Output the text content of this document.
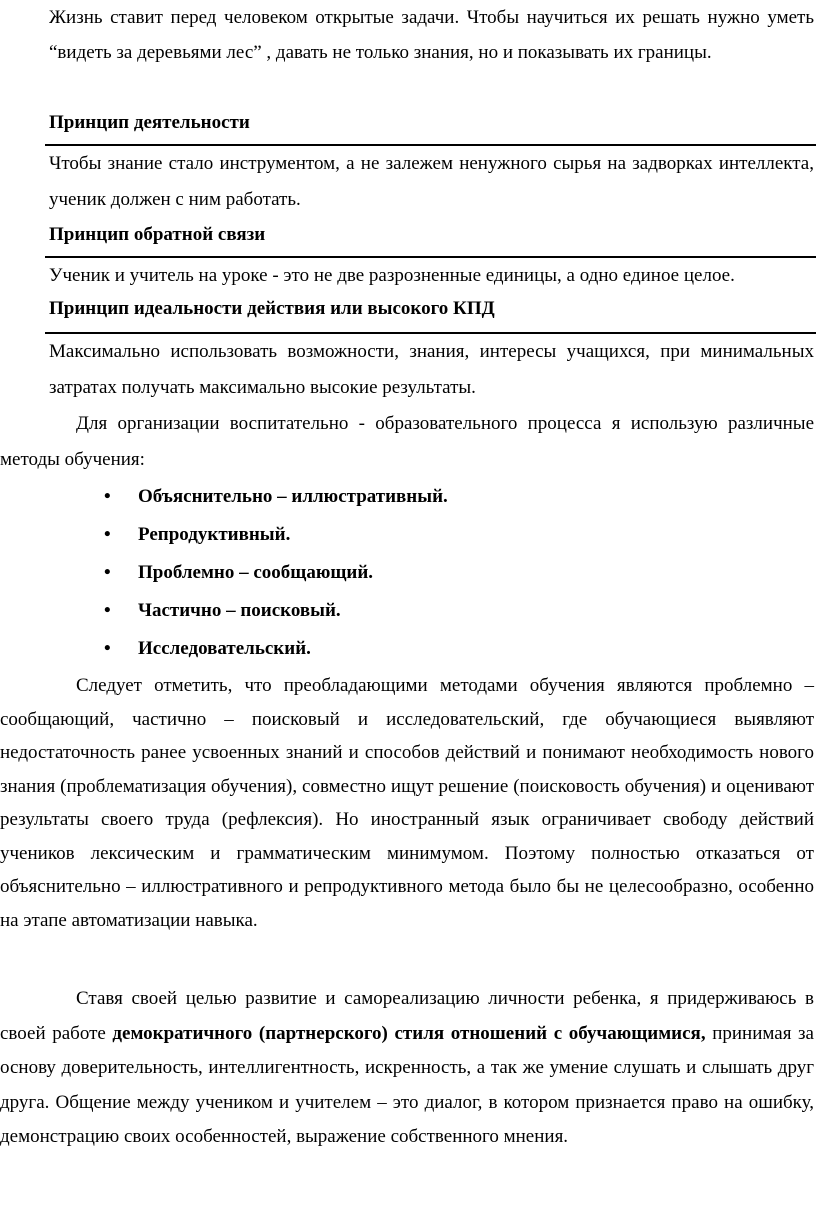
Жизнь ставит перед человеком открытые задачи. Чтобы научиться их решать нужно уметь “видеть за деревьями лес” , давать не только знания, но и показывать их границы.

Принцип деятельности

Чтобы знание стало инструментом, а не залежем ненужного сырья на задворках интеллекта, ученик должен с ним работать.

Принцип обратной связи

Ученик и учитель на уроке - это не две разрозненные единицы, а одно единое целое.

Принцип идеальности действия или высокого КПД

Максимально использовать возможности, знания, интересы учащихся, при минимальных затратах получать максимально высокие результаты.

Для организации воспитательно - образовательного процесса я использую различные методы обучения:

• Объяснительно – иллюстративный.

• Репродуктивный.

• Проблемно – сообщающий.

• Частично – поисковый.

• Исследовательский.

Следует отметить, что преобладающими методами обучения являются проблемно – сообщающий, частично – поисковый и исследовательский, где обучающиеся выявляют недостаточность ранее усвоенных знаний и способов действий и понимают необходимость нового знания (проблематизация обучения), совместно ищут решение (поисковость обучения) и оценивают результаты своего труда (рефлексия). Но иностранный язык ограничивает свободу действий учеников лексическим и грамматическим минимумом. Поэтому полностью отказаться от объяснительно – иллюстративного и репродуктивного метода было бы не целесообразно, особенно на этапе автоматизации навыка.

Ставя своей целью развитие и самореализацию личности ребенка, я придерживаюсь в своей работе демократичного (партнерского) стиля отношений с обучающимися, принимая за основу доверительность, интеллигентность, искренность, а так же умение слушать и слышать друг друга. Общение между учеником и учителем – это диалог, в котором признается право на ошибку, демонстрацию своих особенностей, выражение собственного мнения.
